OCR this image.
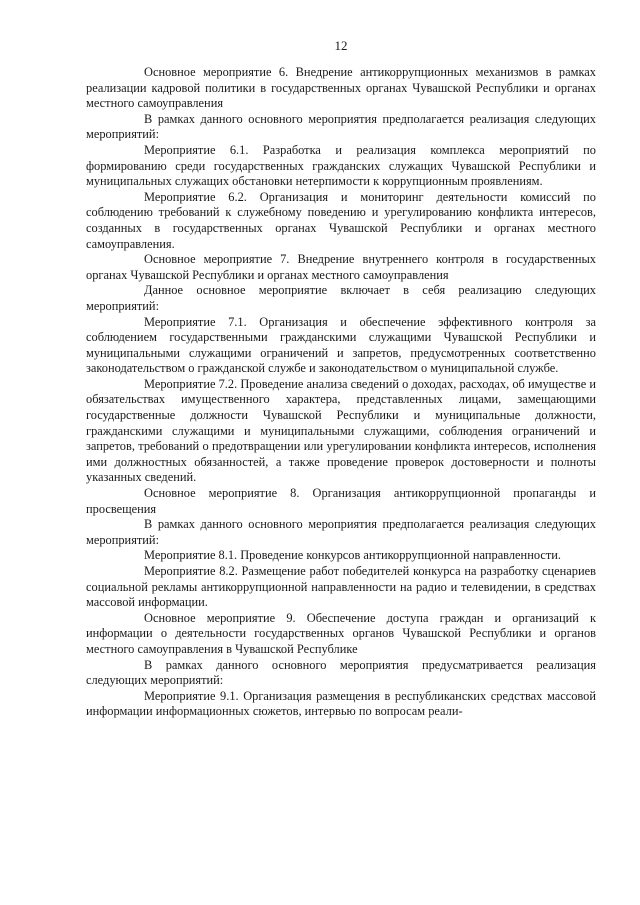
12

Основное мероприятие 6. Внедрение антикоррупционных механизмов в рамках реализации кадровой политики в государственных органах Чувашской Республики и органах местного самоуправления

В рамках данного основного мероприятия предполагается реализация следующих мероприятий:

Мероприятие 6.1. Разработка и реализация комплекса мероприятий по формированию среди государственных гражданских служащих Чувашской Республики и муниципальных служащих обстановки нетерпимости к коррупционным проявлениям.

Мероприятие 6.2. Организация и мониторинг деятельности комиссий по соблюдению требований к служебному поведению и урегулированию конфликта интересов, созданных в государственных органах Чувашской Республики и органах местного самоуправления.

Основное мероприятие 7. Внедрение внутреннего контроля в государственных органах Чувашской Республики и органах местного самоуправления

Данное основное мероприятие включает в себя реализацию следующих мероприятий:

Мероприятие 7.1. Организация и обеспечение эффективного контроля за соблюдением государственными гражданскими служащими Чувашской Республики и муниципальными служащими ограничений и запретов, предусмотренных соответственно законодательством о гражданской службе и законодательством о муниципальной службе.

Мероприятие 7.2. Проведение анализа сведений о доходах, расходах, об имуществе и обязательствах имущественного характера, представленных лицами, замещающими государственные должности Чувашской Республики и муниципальные должности, гражданскими служащими и муниципальными служащими, соблюдения ограничений и запретов, требований о предотвращении или урегулировании конфликта интересов, исполнения ими должностных обязанностей, а также проведение проверок достоверности и полноты указанных сведений.

Основное мероприятие 8. Организация антикоррупционной пропаганды и просвещения

В рамках данного основного мероприятия предполагается реализация следующих мероприятий:

Мероприятие 8.1. Проведение конкурсов антикоррупционной направленности.

Мероприятие 8.2. Размещение работ победителей конкурса на разработку сценариев социальной рекламы антикоррупционной направленности на радио и телевидении, в средствах массовой информации.

Основное мероприятие 9. Обеспечение доступа граждан и организаций к информации о деятельности государственных органов Чувашской Республики и органов местного самоуправления в Чувашской Республике

В рамках данного основного мероприятия предусматривается реализация следующих мероприятий:

Мероприятие 9.1. Организация размещения в республиканских средствах массовой информации информационных сюжетов, интервью по вопросам реали-
